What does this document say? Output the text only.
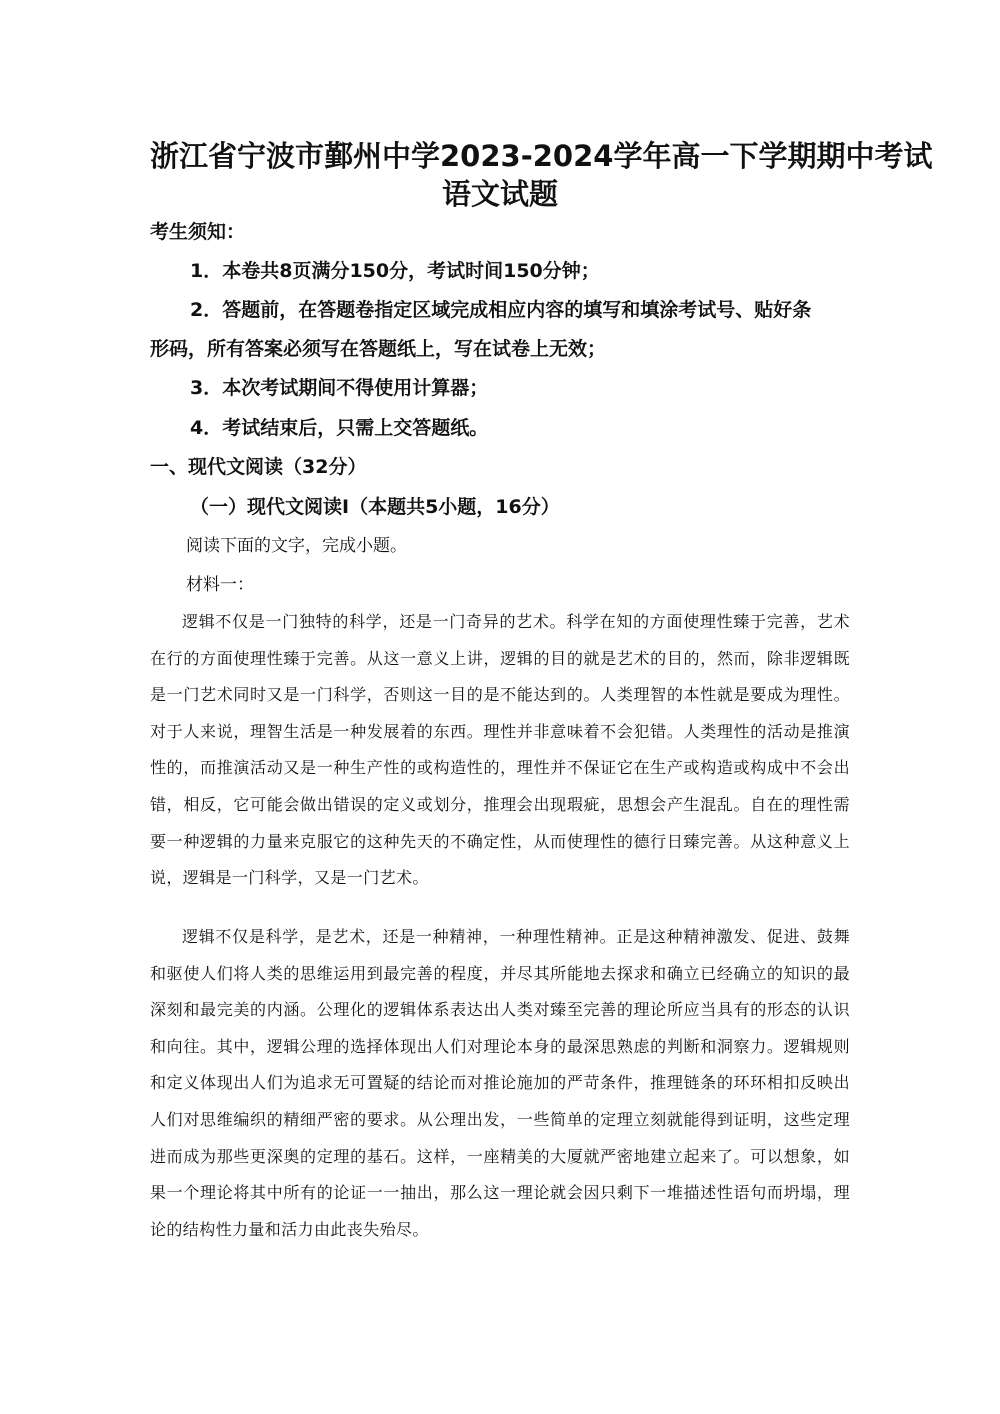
浙江省宁波市鄞州中学2023-2024学年高一下学期期中考试
语文试题
考生须知：
1．本卷共8页满分150分，考试时间150分钟；
2．答题前，在答题卷指定区域完成相应内容的填写和填涂考试号、贴好条
形码，所有答案必须写在答题纸上，写在试卷上无效；
3．本次考试期间不得使用计算器；
4．考试结束后，只需上交答题纸。
一、现代文阅读（32分）
（一）现代文阅读Ⅰ（本题共5小题，16分）
阅读下面的文字，完成小题。
材料一：

逻辑不仅是一门独特的科学，还是一门奇异的艺术。科学在知的方面使理性臻于完善，艺术在行的方面使理性臻于完善。从这一意义上讲，逻辑的目的就是艺术的目的，然而，除非逻辑既是一门艺术同时又是一门科学，否则这一目的是不能达到的。人类理智的本性就是要成为理性。对于人来说，理智生活是一种发展着的东西。理性并非意味着不会犯错。人类理性的活动是推演性的，而推演活动又是一种生产性的或构造性的，理性并不保证它在生产或构造或构成中不会出错，相反，它可能会做出错误的定义或划分，推理会出现瑕疵，思想会产生混乱。自在的理性需要一种逻辑的力量来克服它的这种先天的不确定性，从而使理性的德行日臻完善。从这种意义上说，逻辑是一门科学，又是一门艺术。

逻辑不仅是科学，是艺术，还是一种精神，一种理性精神。正是这种精神激发、促进、鼓舞和驱使人们将人类的思维运用到最完善的程度，并尽其所能地去探求和确立已经确立的知识的最深刻和最完美的内涵。公理化的逻辑体系表达出人类对臻至完善的理论所应当具有的形态的认识和向往。其中，逻辑公理的选择体现出人们对理论本身的最深思熟虑的判断和洞察力。逻辑规则和定义体现出人们为追求无可置疑的结论而对推论施加的严苛条件，推理链条的环环相扣反映出人们对思维编织的精细严密的要求。从公理出发，一些简单的定理立刻就能得到证明，这些定理进而成为那些更深奥的定理的基石。这样，一座精美的大厦就严密地建立起来了。可以想象，如果一个理论将其中所有的论证一一抽出，那么这一理论就会因只剩下一堆描述性语句而坍塌，理论的结构性力量和活力由此丧失殆尽。
